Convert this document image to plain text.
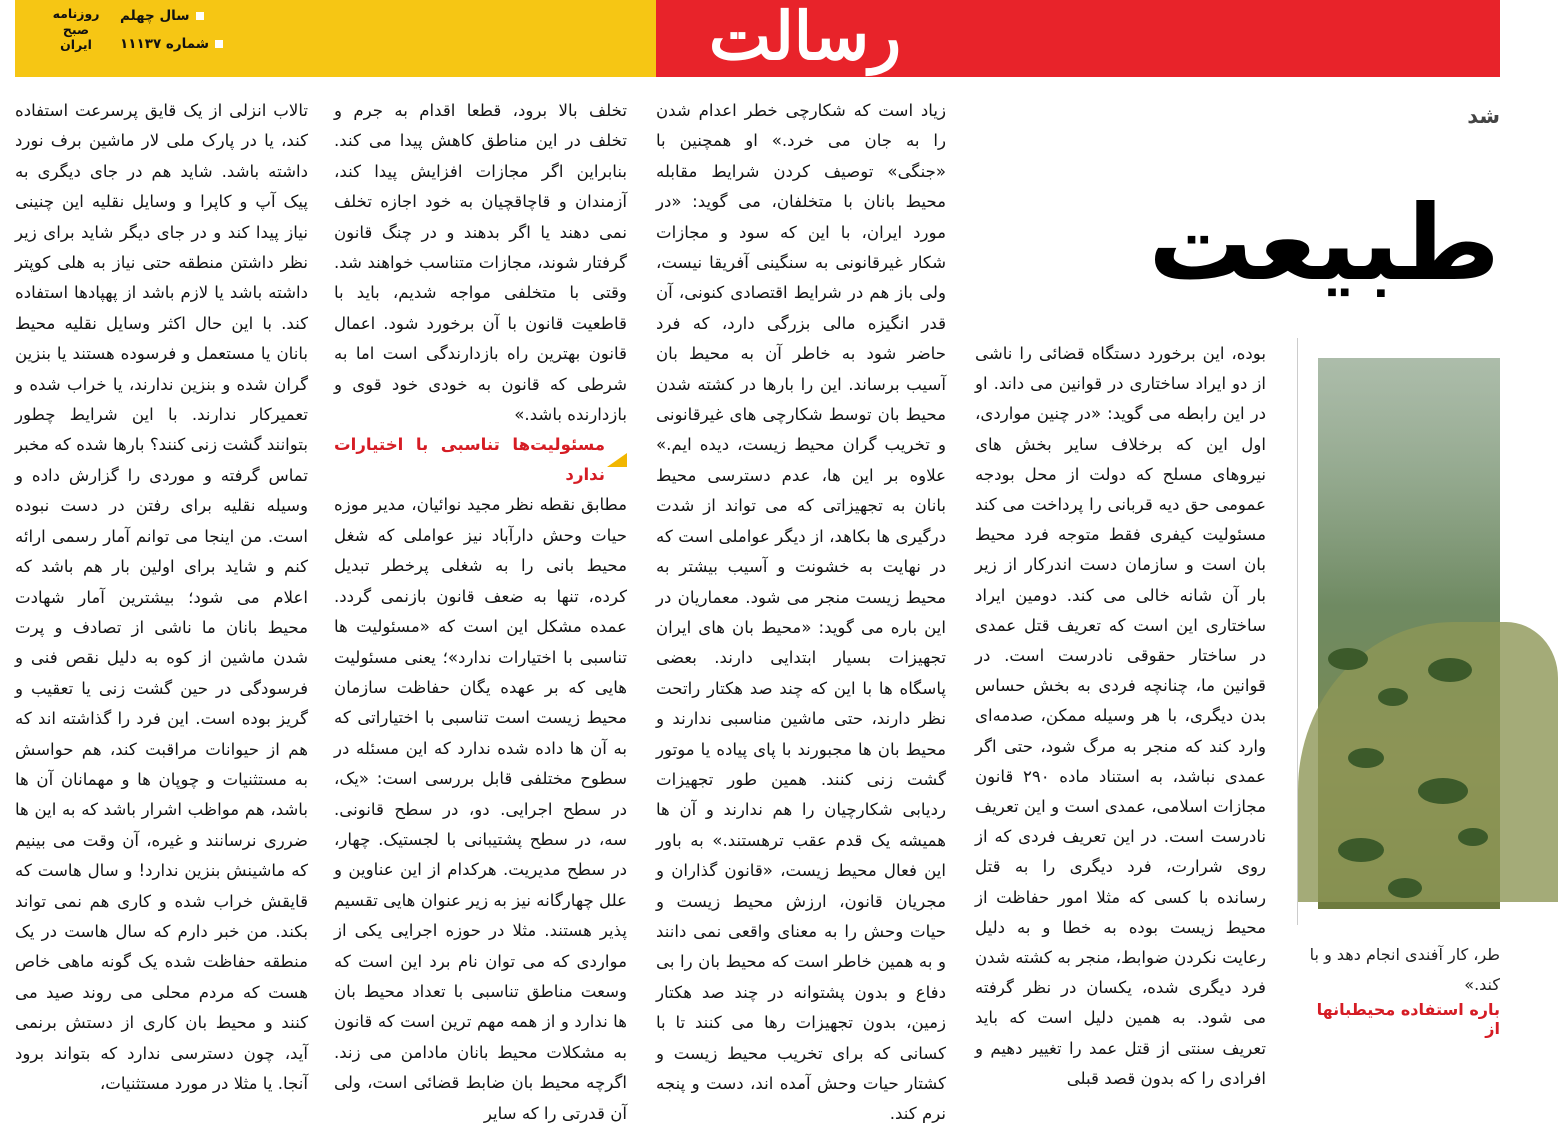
رسالت
روزنامه
صبح
ایران
سال چهلم
شماره ۱۱۱۳۷

تالاب انزلی از یک قایق پرسرعت استفاده کند، یا در پارک ملی لار ماشین برف نورد داشته باشد. شاید هم در جای دیگری به پیک آپ و کاپرا و وسایل نقلیه این چنینی نیاز پیدا کند و در جای دیگر شاید برای زیر نظر داشتن منطقه حتی نیاز به هلی کوپتر داشته باشد یا لازم باشد از پهپادها استفاده کند. با این حال اکثر وسایل نقلیه محیط بانان یا مستعمل و فرسوده هستند یا بنزین گران شده و بنزین ندارند، یا خراب شده و تعمیرکار ندارند. با این شرایط چطور بتوانند گشت زنی کنند؟ بارها شده که مخبر تماس گرفته و موردی را گزارش داده و وسیله نقلیه برای رفتن در دست نبوده است. من اینجا می توانم آمار رسمی ارائه کنم و شاید برای اولین بار هم باشد که اعلام می شود؛ بیشترین آمار شهادت محیط بانان ما ناشی از تصادف و پرت شدن ماشین از کوه به دلیل نقص فنی و فرسودگی در حین گشت زنی یا تعقیب و گریز بوده است. این فرد را گذاشته اند که هم از حیوانات مراقبت کند، هم حواسش به مستثنیات و چوپان ها و مهمانان آن ها باشد، هم مواظب اشرار باشد که به این ها ضرری نرسانند و غیره، آن وقت می بینیم که ماشینش بنزین ندارد! و سال هاست که قایقش خراب شده و کاری هم نمی تواند بکند. من خبر دارم که سال هاست در یک منطقه حفاظت شده یک گونه ماهی خاص هست که مردم محلی می روند صید می کنند و محیط بان کاری از دستش برنمی آید، چون دسترسی ندارد که بتواند برود آنجا. یا مثلا در مورد مستثنیات،

تخلف بالا برود، قطعا اقدام به جرم و تخلف در این مناطق کاهش پیدا می کند. بنابراین اگر مجازات افزایش پیدا کند، آزمندان و قاچاقچیان به خود اجازه تخلف نمی دهند یا اگر بدهند و در چنگ قانون گرفتار شوند، مجازات متناسب خواهند شد. وقتی با متخلفی مواجه شدیم، باید با قاطعیت قانون با آن برخورد شود. اعمال قانون بهترین راه بازدارندگی است اما به شرطی که قانون به خودی خود قوی و بازدارنده باشد.»

مسئولیت‌ها تناسبی با اختیارات ندارد

مطابق نقطه نظر مجید نوائیان، مدیر موزه حیات وحش دارآباد نیز عواملی که شغل محیط بانی را به شغلی پرخطر تبدیل کرده، تنها به ضعف قانون بازنمی گردد. عمده مشکل این است که «مسئولیت ها تناسبی با اختیارات ندارد»؛ یعنی مسئولیت هایی که بر عهده یگان حفاظت سازمان محیط زیست است تناسبی با اختیاراتی که به آن ها داده شده ندارد که این مسئله در سطوح مختلفی قابل بررسی است: «یک، در سطح اجرایی. دو، در سطح قانونی. سه، در سطح پشتیبانی با لجستیک. چهار، در سطح مدیریت. هرکدام از این عناوین و علل چهارگانه نیز به زیر عنوان هایی تقسیم پذیر هستند. مثلا در حوزه اجرایی یکی از مواردی که می توان نام برد این است که وسعت مناطق تناسبی با تعداد محیط بان ها ندارد و از همه مهم ترین است که قانون به مشکلات محیط بانان مادامن می زند. اگرچه محیط بان ضابط قضائی است، ولی آن قدرتی را که سایر

زیاد است که شکارچی خطر اعدام شدن را به جان می خرد.» او همچنین با «جنگی» توصیف کردن شرایط مقابله محیط بانان با متخلفان، می گوید: «در مورد ایران، با این که سود و مجازات شکار غیرقانونی به سنگینی آفریقا نیست، ولی باز هم در شرایط اقتصادی کنونی، آن قدر انگیزه مالی بزرگی دارد، که فرد حاضر شود به خاطر آن به محیط بان آسیب برساند. این را بارها در کشته شدن محیط بان توسط شکارچی های غیرقانونی و تخریب گران محیط زیست، دیده ایم.» علاوه بر این ها، عدم دسترسی محیط بانان به تجهیزاتی که می تواند از شدت درگیری ها بکاهد، از دیگر عواملی است که در نهایت به خشونت و آسیب بیشتر به محیط زیست منجر می شود. معماریان در این باره می گوید: «محیط بان های ایران تجهیزات بسیار ابتدایی دارند. بعضی پاسگاه ها با این که چند صد هکتار راتحت نظر دارند، حتی ماشین مناسبی ندارند و محیط بان ها مجبورند با پای پیاده یا موتور گشت زنی کنند. همین طور تجهیزات ردیابی شکارچیان را هم ندارند و آن ها همیشه یک قدم عقب ترهستند.» به باور این فعال محیط زیست، «قانون گذاران و مجریان قانون، ارزش محیط زیست و حیات وحش را به معنای واقعی نمی دانند و به همین خاطر است که محیط بان را بی دفاع و بدون پشتوانه در چند صد هکتار زمین، بدون تجهیزات رها می کنند تا با کسانی که برای تخریب محیط زیست و کشتار حیات وحش آمده اند، دست و پنجه نرم کند.

بوده، این برخورد دستگاه قضائی را ناشی از دو ایراد ساختاری در قوانین می داند. او در این رابطه می گوید: «در چنین مواردی، اول این که برخلاف سایر بخش های نیروهای مسلح که دولت از محل بودجه عمومی حق دیه قربانی را پرداخت می کند مسئولیت کیفری فقط متوجه فرد محیط بان است و سازمان دست اندرکار از زیر بار آن شانه خالی می کند. دومین ایراد ساختاری این است که تعریف قتل عمدی در ساختار حقوقی نادرست است. در قوانین ما، چنانچه فردی به بخش حساس بدن دیگری، با هر وسیله ممکن، صدمه‌ای وارد کند که منجر به مرگ شود، حتی اگر عمدی نباشد، به استناد ماده ۲۹۰ قانون مجازات اسلامی، عمدی است و این تعریف نادرست است. در این تعریف فردی که از روی شرارت، فرد دیگری را به قتل رسانده با کسی که مثلا امور حفاظت از محیط زیست بوده به خطا و به دلیل رعایت نکردن ضوابط، منجر به کشته شدن فرد دیگری شده، یکسان در نظر گرفته می شود. به همین دلیل است که باید تعریف سنتی از قتل عمد را تغییر دهیم و افرادی را که بدون قصد قبلی

شد
طبیعت
طر، کار آفندی انجام دهد و با کند.»
باره استفاده محیطبانها از
